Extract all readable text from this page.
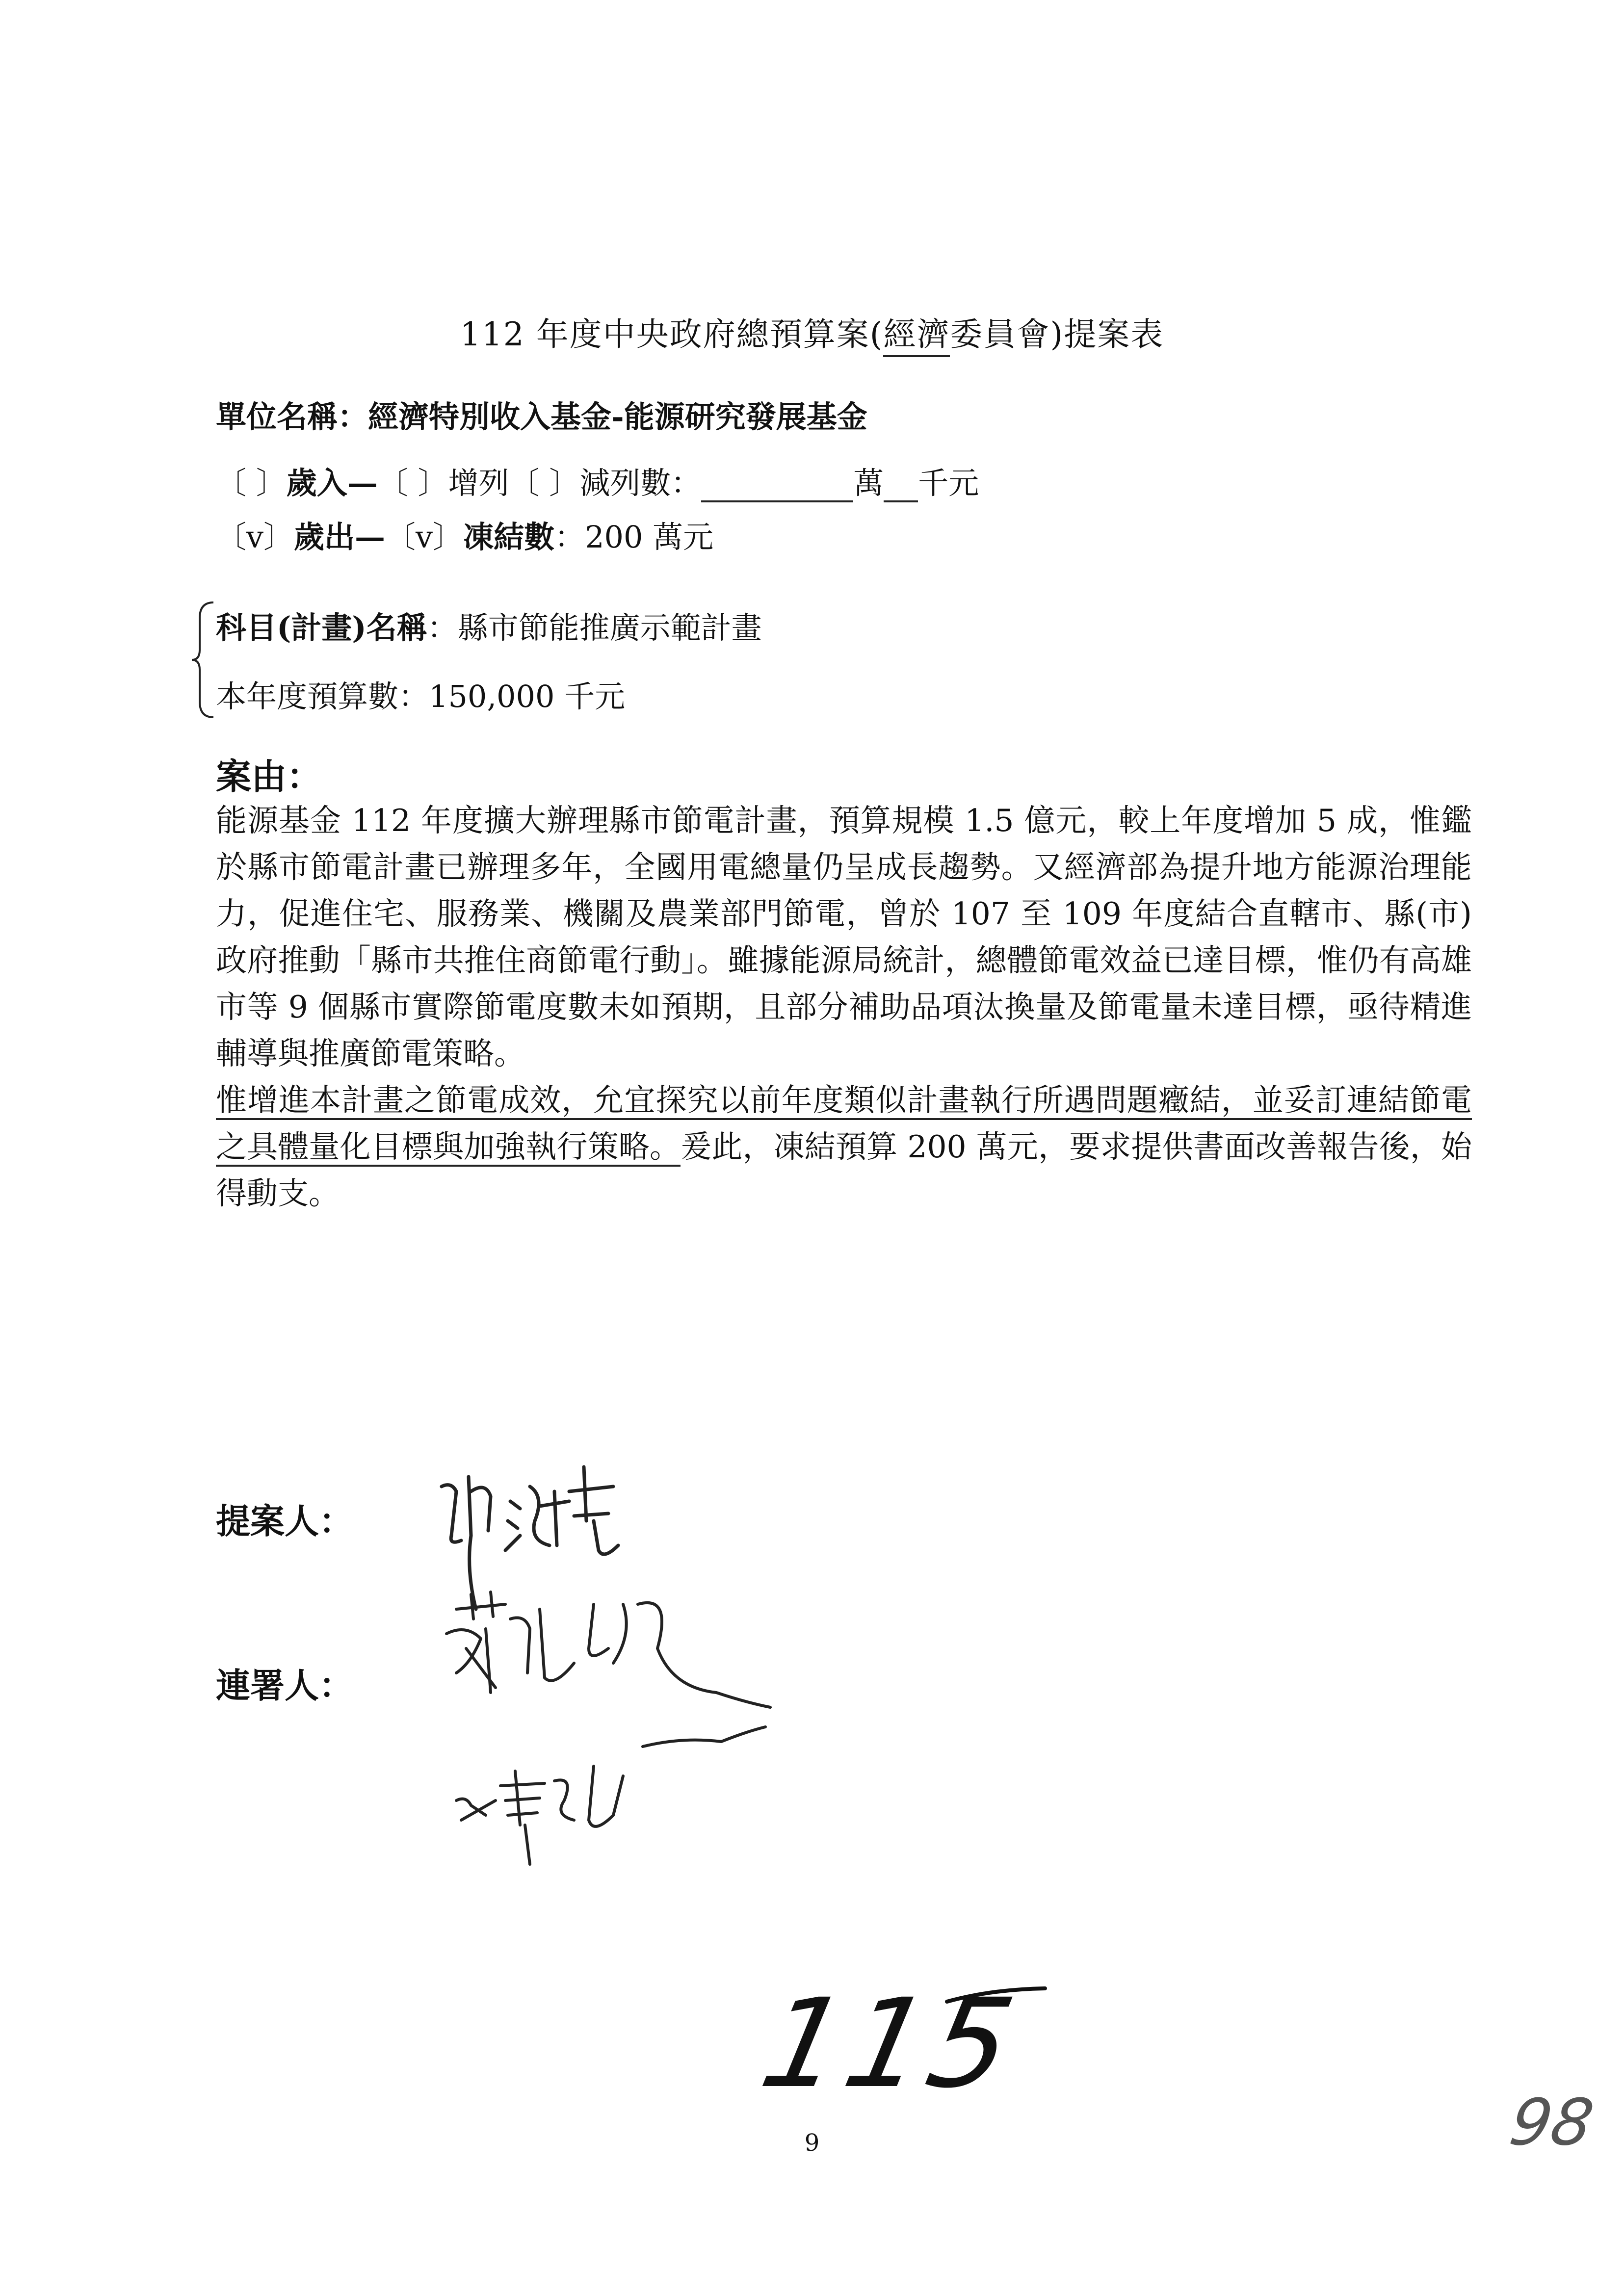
112 年度中央政府總預算案(經濟委員會)提案表
單位名稱：經濟特別收入基金-能源研究發展基金
〔 〕歲入—〔 〕增列〔 〕減列數：	萬 千元
〔v〕歲出—〔v〕凍結數：200 萬元
科目(計畫)名稱：縣市節能推廣示範計畫
本年度預算數：150,000 千元
案由：
能源基金 112 年度擴大辦理縣市節電計畫，預算規模 1.5 億元，較上年度增加 5 成，惟鑑於縣市節電計畫已辦理多年，全國用電總量仍呈成長趨勢。又經濟部為提升地方能源治理能力，促進住宅、服務業、機關及農業部門節電，曾於 107 至 109 年度結合直轄市、縣(市)政府推動「縣市共推住商節電行動」。雖據能源局統計，總體節電效益已達目標，惟仍有高雄市等 9 個縣市實際節電度數未如預期，且部分補助品項汰換量及節電量未達目標，亟待精進輔導與推廣節電策略。
惟增進本計畫之節電成效，允宜探究以前年度類似計畫執行所遇問題癥結，並妥訂連結節電之具體量化目標與加強執行策略。爰此，凍結預算 200 萬元，要求提供書面改善報告後，始得動支。
提案人：
連署人：
115
98
9
